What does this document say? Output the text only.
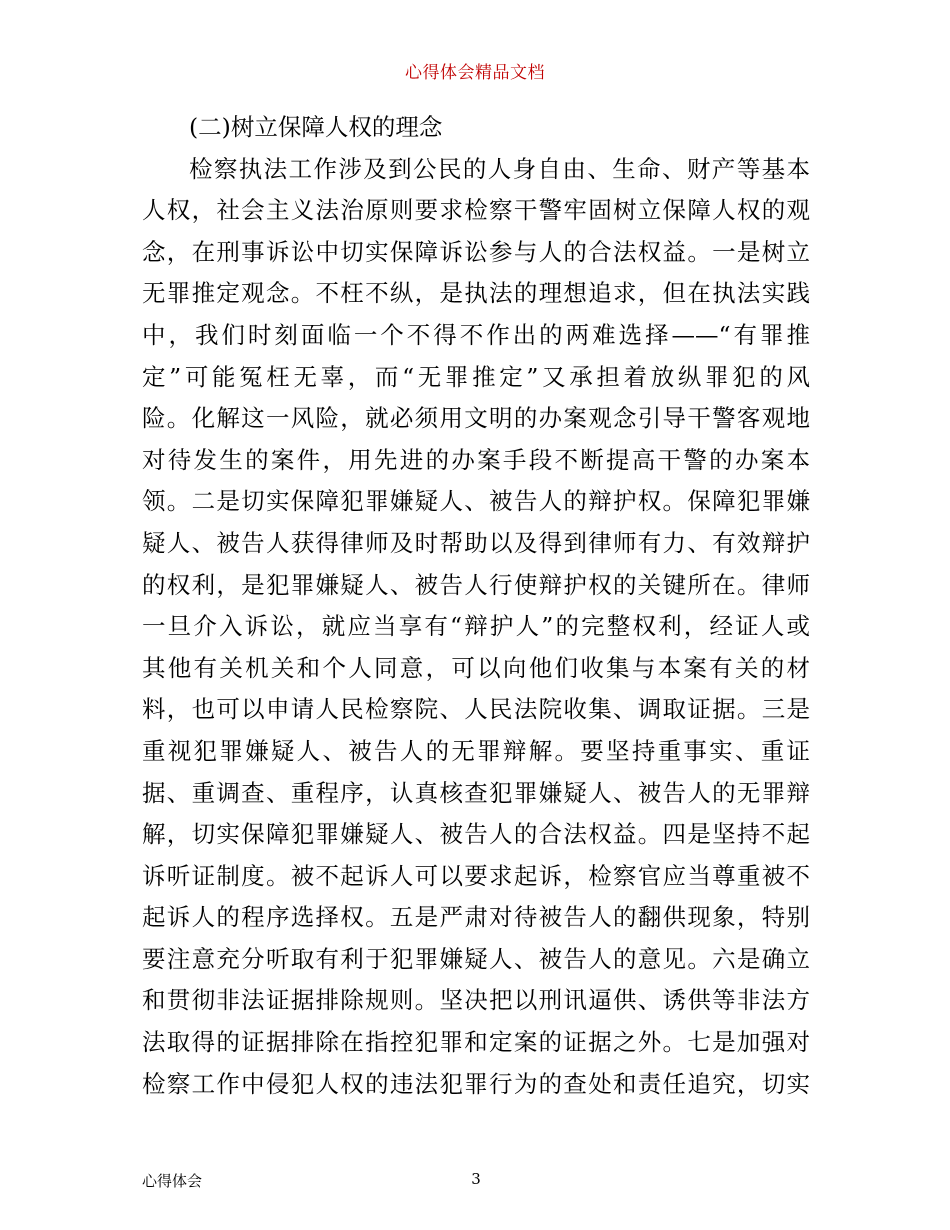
心得体会精品文档

(二)树立保障人权的理念

检察执法工作涉及到公民的人身自由、生命、财产等基本

人权，社会主义法治原则要求检察干警牢固树立保障人权的观

念，在刑事诉讼中切实保障诉讼参与人的合法权益。一是树立

无罪推定观念。不枉不纵，是执法的理想追求，但在执法实践

中，我们时刻面临一个不得不作出的两难选择——“有罪推

定”可能冤枉无辜，而“无罪推定”又承担着放纵罪犯的风

险。化解这一风险，就必须用文明的办案观念引导干警客观地

对待发生的案件，用先进的办案手段不断提高干警的办案本

领。二是切实保障犯罪嫌疑人、被告人的辩护权。保障犯罪嫌

疑人、被告人获得律师及时帮助以及得到律师有力、有效辩护

的权利，是犯罪嫌疑人、被告人行使辩护权的关键所在。律师

一旦介入诉讼，就应当享有“辩护人”的完整权利，经证人或

其他有关机关和个人同意，可以向他们收集与本案有关的材

料，也可以申请人民检察院、人民法院收集、调取证据。三是

重视犯罪嫌疑人、被告人的无罪辩解。要坚持重事实、重证

据、重调查、重程序，认真核查犯罪嫌疑人、被告人的无罪辩

解，切实保障犯罪嫌疑人、被告人的合法权益。四是坚持不起

诉听证制度。被不起诉人可以要求起诉，检察官应当尊重被不

起诉人的程序选择权。五是严肃对待被告人的翻供现象，特别

要注意充分听取有利于犯罪嫌疑人、被告人的意见。六是确立

和贯彻非法证据排除规则。坚决把以刑讯逼供、诱供等非法方

法取得的证据排除在指控犯罪和定案的证据之外。七是加强对

检察工作中侵犯人权的违法犯罪行为的查处和责任追究，切实

心得体会	3
